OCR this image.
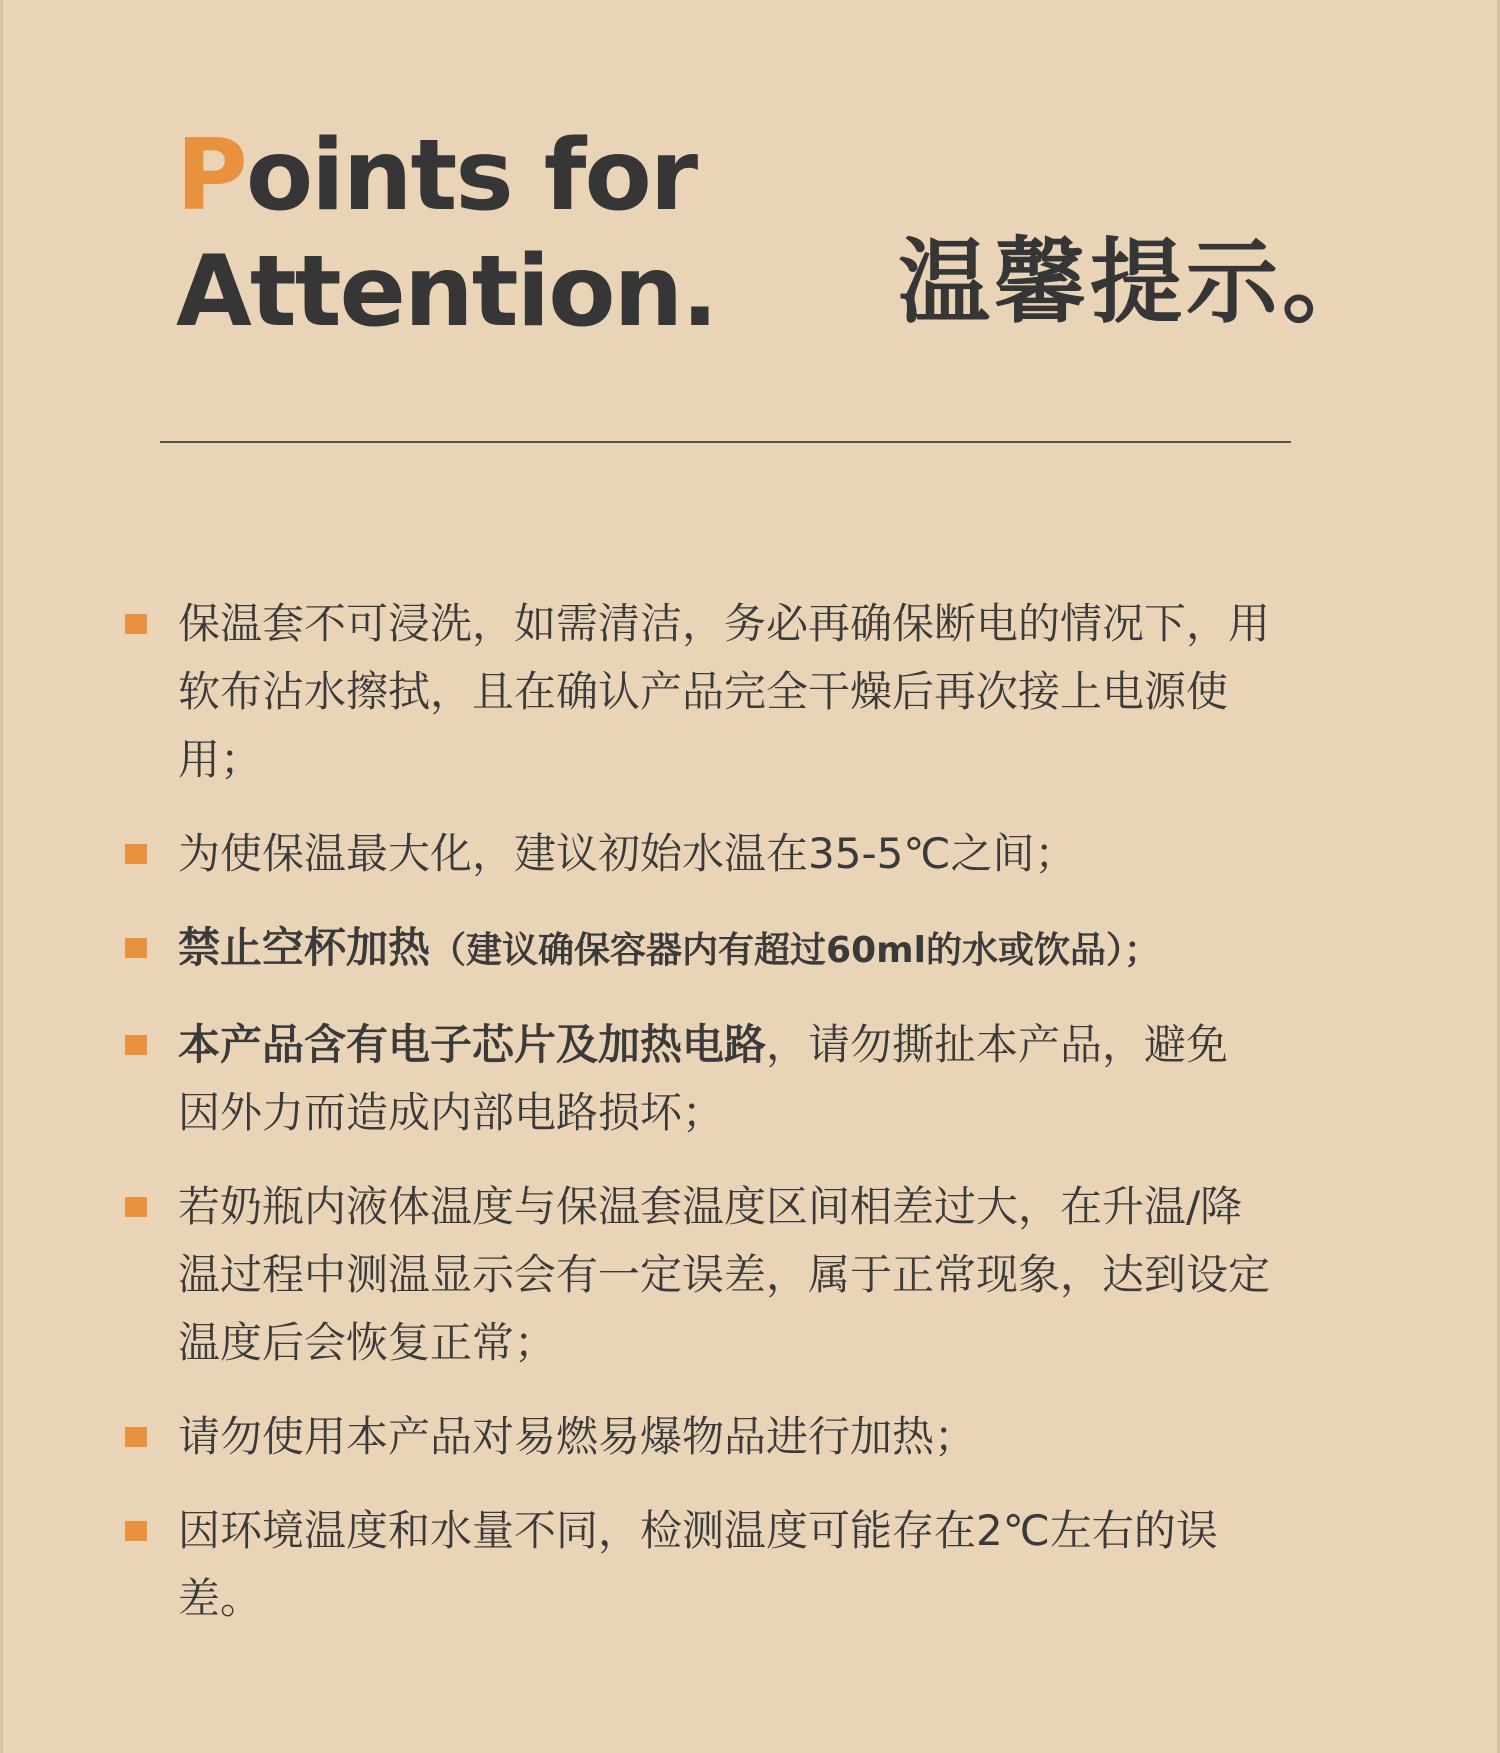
Points for
Attention. 温馨提示。
保温套不可浸洗，如需清洁，务必再确保断电的情况下，用软布沾水擦拭，且在确认产品完全干燥后再次接上电源使用；
为使保温最大化，建议初始水温在35-5℃之间；
禁止空杯加热（建议确保容器内有超过60ml的水或饮品）；
本产品含有电子芯片及加热电路，请勿撕扯本产品，避免因外力而造成内部电路损坏；
若奶瓶内液体温度与保温套温度区间相差过大，在升温/降温过程中测温显示会有一定误差，属于正常现象，达到设定温度后会恢复正常；
请勿使用本产品对易燃易爆物品进行加热；
因环境温度和水量不同，检测温度可能存在2℃左右的误差。
